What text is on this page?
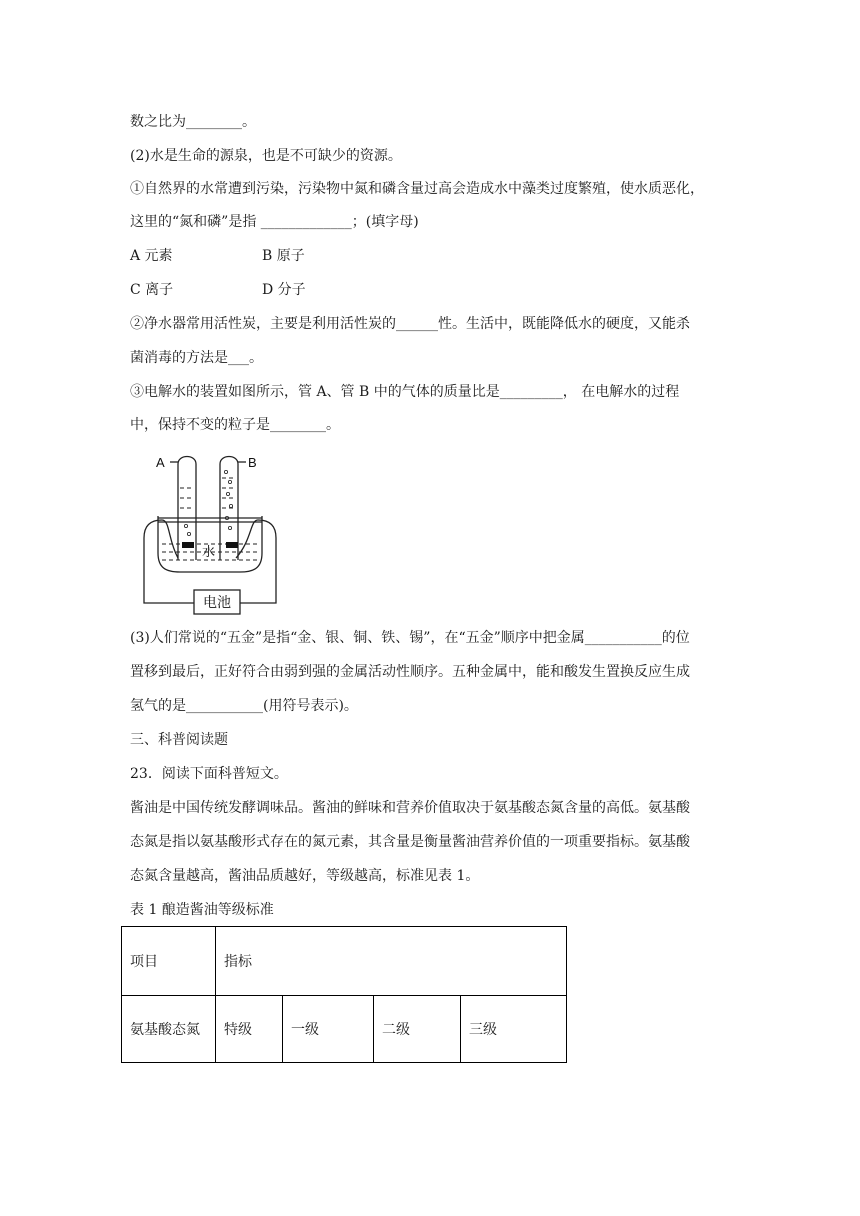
数之比为________。
(2)水是生命的源泉，也是不可缺少的资源。
①自然界的水常遭到污染，污染物中氮和磷含量过高会造成水中藻类过度繁殖，使水质恶化，
这里的“氮和磷”是指 _____________；(填字母)
A 元素	B 原子
C 离子	D 分子
②净水器常用活性炭，主要是利用活性炭的______性。生活中，既能降低水的硬度，又能杀
菌消毒的方法是___。
③电解水的装置如图所示，管 A、管 B 中的气体的质量比是_________， 在电解水的过程
中，保持不变的粒子是________。
A	B
水
电池
(3)人们常说的“五金”是指“金、银、铜、铁、锡”，在“五金”顺序中把金属___________的位
置移到最后，正好符合由弱到强的金属活动性顺序。五种金属中，能和酸发生置换反应生成
氢气的是___________(用符号表示)。
三、科普阅读题
23．阅读下面科普短文。
酱油是中国传统发酵调味品。酱油的鲜味和营养价值取决于氨基酸态氮含量的高低。氨基酸
态氮是指以氨基酸形式存在的氮元素，其含量是衡量酱油营养价值的一项重要指标。氨基酸
态氮含量越高，酱油品质越好，等级越高，标准见表 1。
表 1 酿造酱油等级标准
项目	指标			
氨基酸态氮	特级	一级	二级	三级
